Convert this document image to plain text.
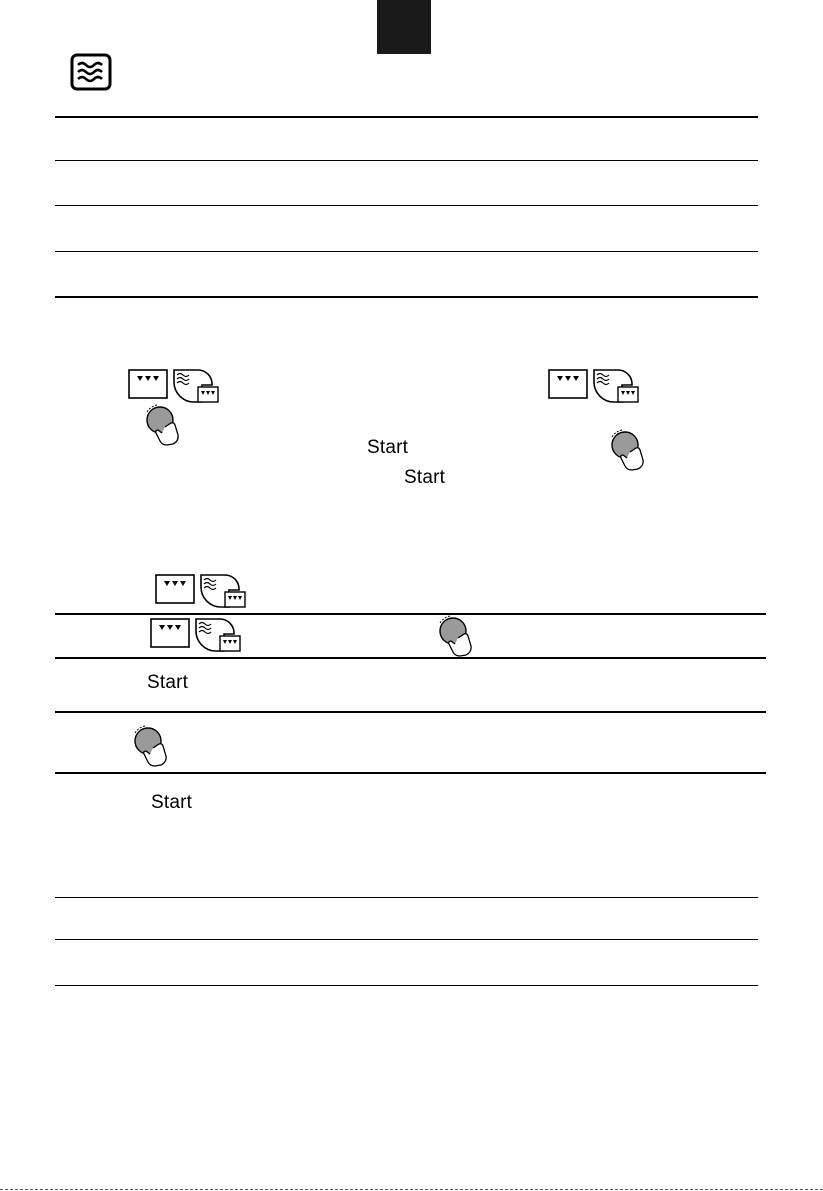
Start
Start
Start
Start
